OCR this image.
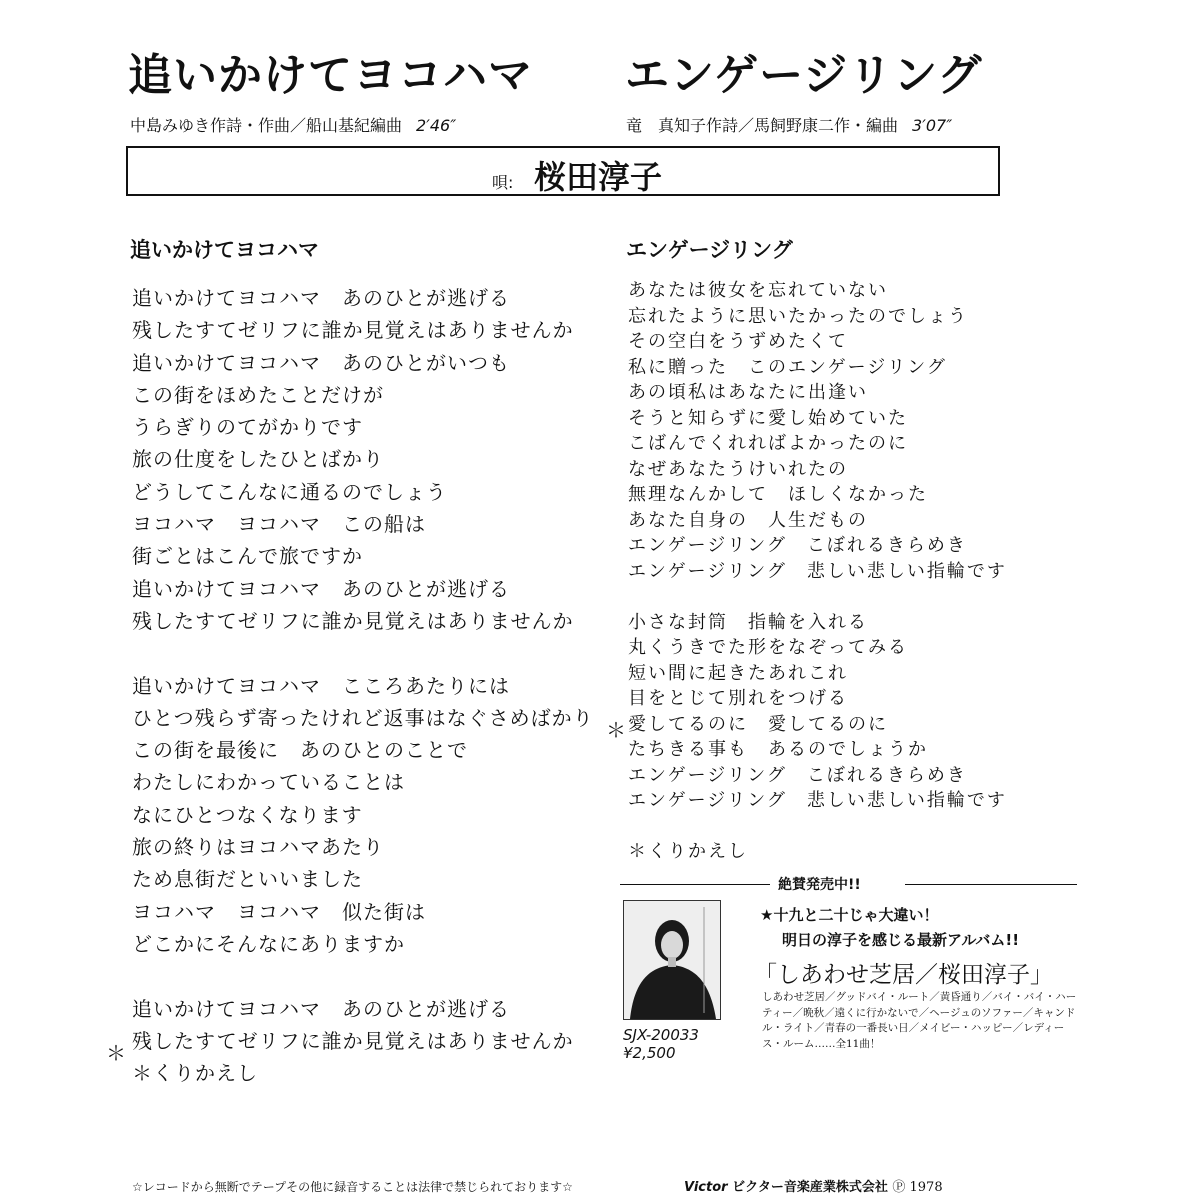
追いかけてヨコハマ エンゲージリング
中島みゆき作詩・作曲／船山基紀編曲 2′46″	竜　真知子作詩／馬飼野康二作・編曲 3′07″
唄: 桜田淳子
追いかけてヨコハマ	エンゲージリング
追いかけてヨコハマ　あのひとが逃げる
残したすてゼリフに誰か見覚えはありませんか
追いかけてヨコハマ　あのひとがいつも
この街をほめたことだけが
うらぎりのてがかりです
旅の仕度をしたひとばかり
どうしてこんなに通るのでしょう
ヨコハマ　ヨコハマ　この船は
街ごとはこんで旅ですか
追いかけてヨコハマ　あのひとが逃げる
残したすてゼリフに誰か見覚えはありませんか
追いかけてヨコハマ　こころあたりには
ひとつ残らず寄ったけれど返事はなぐさめばかり
この街を最後に　あのひとのことで
わたしにわかっていることは
なにひとつなくなります
旅の終りはヨコハマあたり
ため息街だといいました
ヨコハマ　ヨコハマ　似た街は
どこかにそんなにありますか
追いかけてヨコハマ　あのひとが逃げる
残したすてゼリフに誰か見覚えはありませんか
＊くりかえし
＊
あなたは彼女を忘れていない
忘れたように思いたかったのでしょう
その空白をうずめたくて
私に贈った　このエンゲージリング
あの頃私はあなたに出逢い
そうと知らずに愛し始めていた
こばんでくれればよかったのに
なぜあなたうけいれたの
無理なんかして　ほしくなかった
あなた自身の　人生だもの
エンゲージリング　こぼれるきらめき
エンゲージリング　悲しい悲しい指輪です
小さな封筒　指輪を入れる
丸くうきでた形をなぞってみる
短い間に起きたあれこれ
目をとじて別れをつげる
愛してるのに　愛してるのに
たちきる事も　あるのでしょうか
エンゲージリング　こぼれるきらめき
エンゲージリング　悲しい悲しい指輪です
＊くりかえし
＊
絶賛発売中!!
SJX-20033
¥2,500
★十九と二十じゃ大違い！
明日の淳子を感じる最新アルバム!!
「しあわせ芝居／桜田淳子」
しあわせ芝居／グッドバイ・ルート／黄昏通り／バイ・バイ・ハーティー／晩秋／遠くに行かないで／ヘージュのソファー／キャンドル・ライト／青春の一番長い日／メイビー・ハッピー／レディース・ルーム……全11曲！
☆レコードから無断でテープその他に録音することは法律で禁じられております☆	Victor ビクター音楽産業株式会社 Ⓟ 1978
